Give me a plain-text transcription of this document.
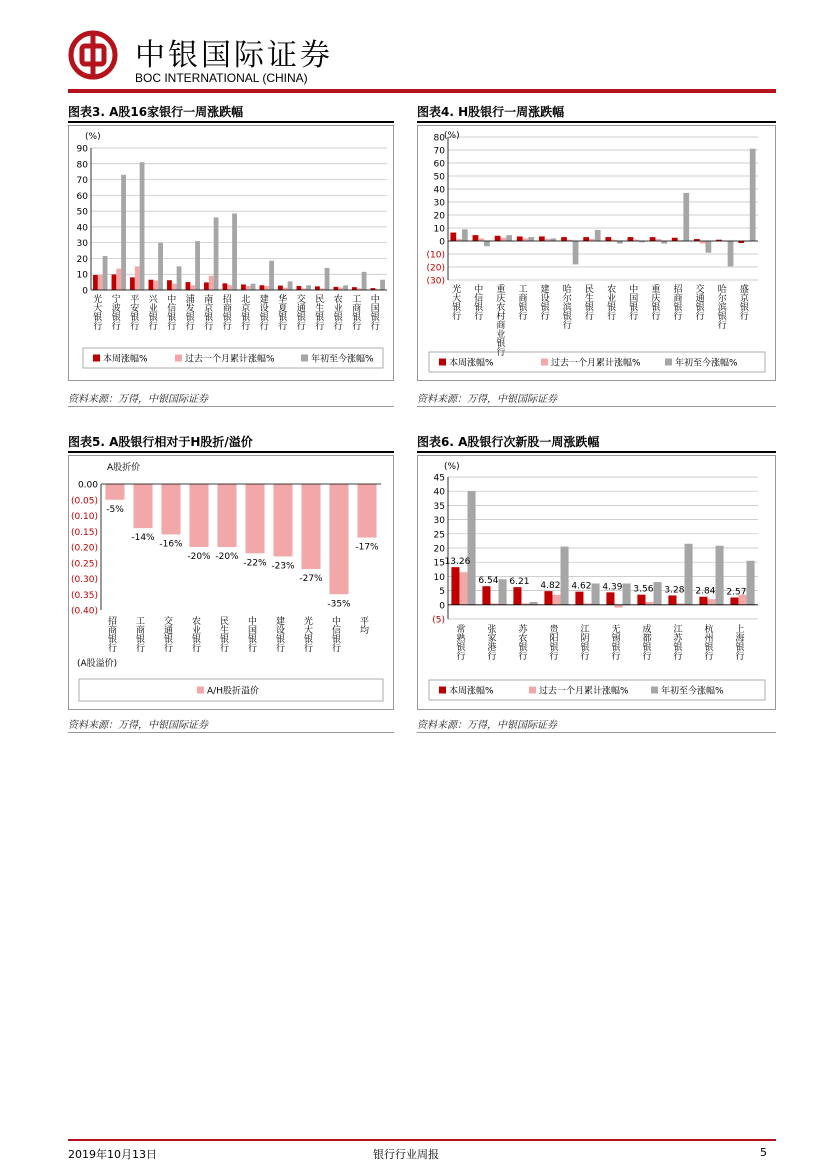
中银国际证券
BOC INTERNATIONAL (CHINA)
图表3. A股16家银行一周涨跌幅
0
10
20
30
40
50
60
70
80
90
(%)
光大银行 宁波银行 平安银行 兴业银行 中信银行 浦发银行 南京银行 招商银行 北京银行 建设银行 华夏银行 交通银行 民生银行 农业银行 工商银行 中国银行
本周涨幅%	过去一个月累计涨幅%	年初至今涨幅%
资料来源：万得，中银国际证券
图表4. H股银行一周涨跌幅
80
70
60
50
40
30
20
10
0
(10)
(20)
(30)
(%)
光大银行 中信银行 重庆农村商业银行 工商银行 建设银行 哈尔滨银行 民生银行 农业银行 中国银行 重庆银行 招商银行 交通银行 哈尔滨银行 盛京银行
本周涨幅%	过去一个月累计涨幅%	年初至今涨幅%
资料来源：万得，中银国际证券
图表5. A股银行相对于H股折/溢价
0.00
(0.05)
(0.10)
(0.15)
(0.20)
(0.25)
(0.30)
(0.35)
(0.40)
A股折价
-5%
-14%
-16%
-20% -20%
-22% -23%
-27%
-35%
-17%
招商银行 工商银行 交通银行 农业银行 民生银行 中国银行 建设银行 光大银行 中信银行 平均
(A股溢价)
A/H股折溢价
资料来源：万得，中银国际证券
图表6. A股银行次新股一周涨跌幅
45
40
35
30
25
20
15
10
5
0
(5)
(%)
13.26
6.54 6.21 4.82 4.62 4.39 3.56 3.28 2.84 2.57
常熟银行 张家港行 苏农银行 贵阳银行 江阴银行 无锡银行 成都银行 江苏银行 杭州银行 上海银行
本周涨幅%	过去一个月累计涨幅%	年初至今涨幅%
资料来源：万得，中银国际证券
2019年10月13日	银行行业周报	5
